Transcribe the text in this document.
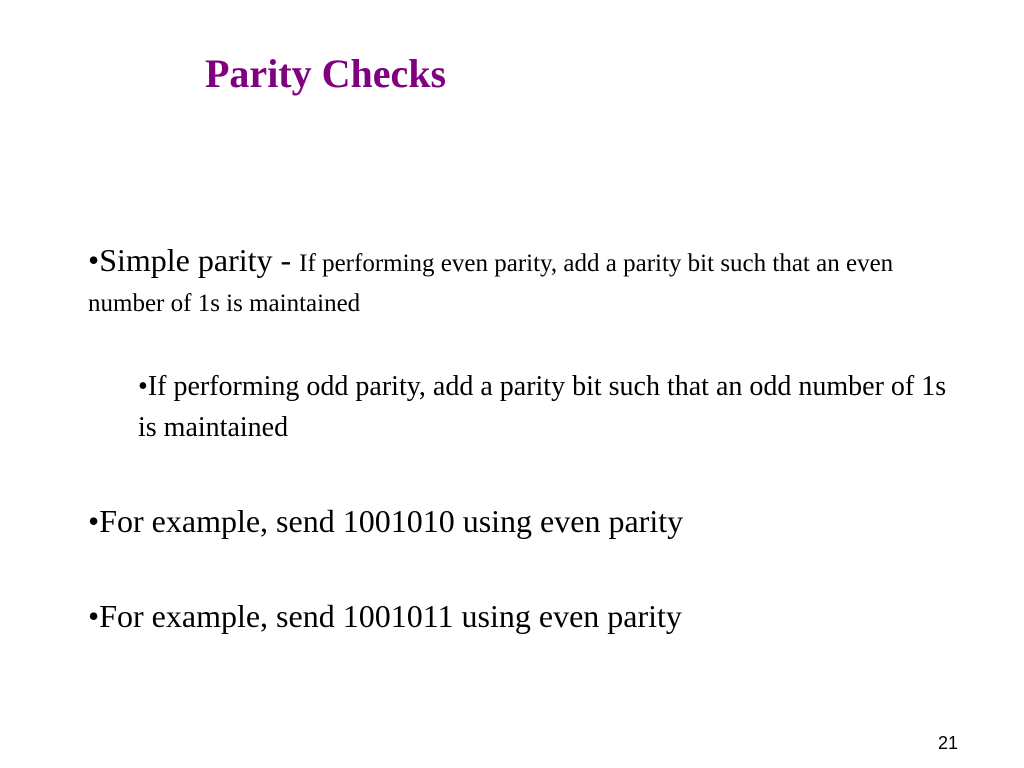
Parity Checks
•Simple parity - If performing even parity, add a parity bit such that an even number of 1s is maintained
•If performing odd parity, add a parity bit such that an odd number of 1s is maintained
•For example, send 1001010 using even parity
•For example, send 1001011 using even parity
21
